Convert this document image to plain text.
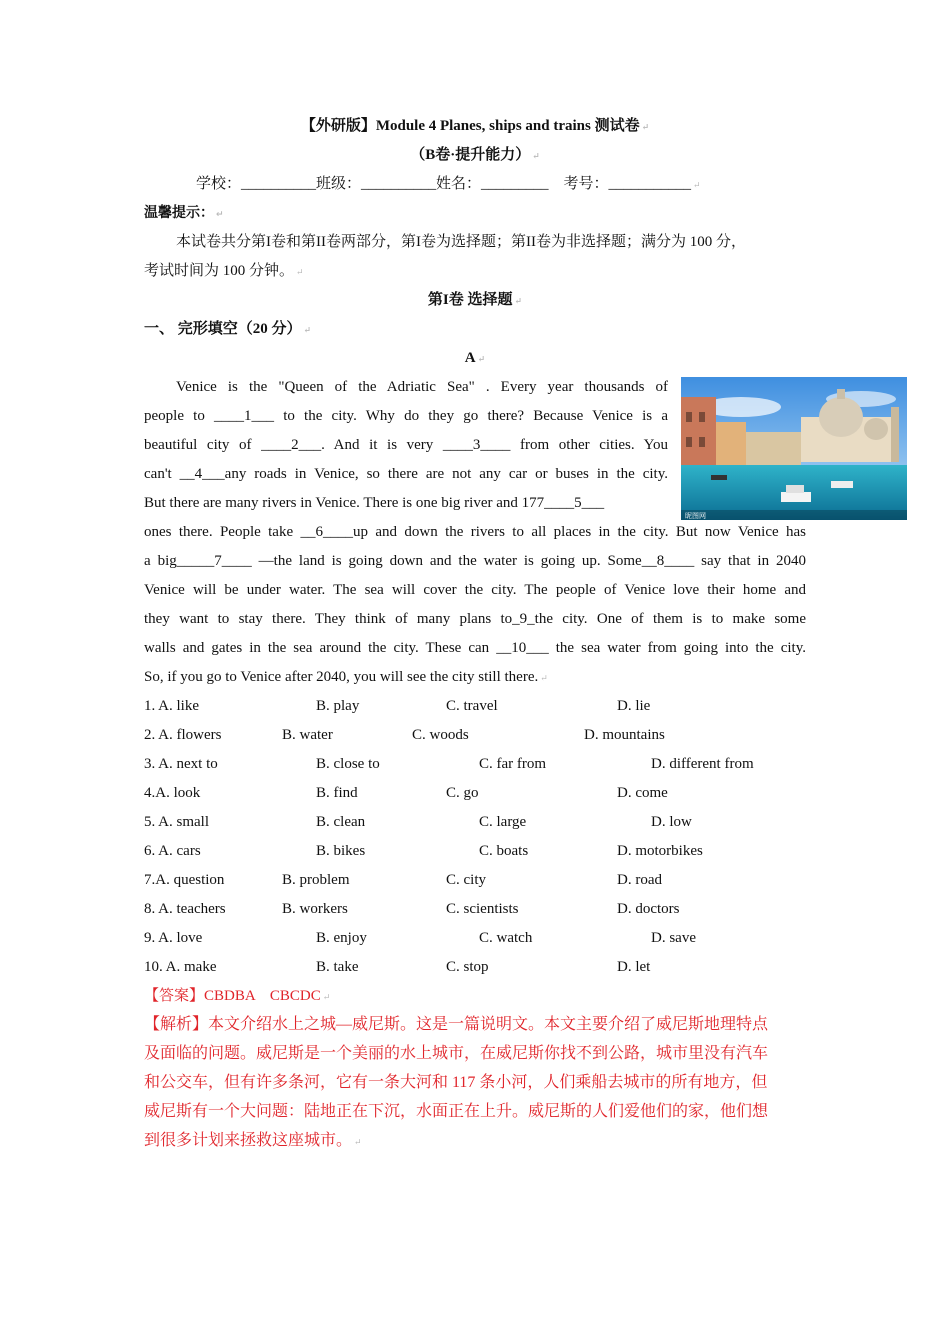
【外研版】Module 4 Planes, ships and trains 测试卷 ↵
（B卷·提升能力） ↵
学校：__________班级：__________姓名：_________　考号：___________ ↵
温馨提示： ↵
本试卷共分第I卷和第II卷两部分，第I卷为选择题；第II卷为非选择题；满分为 100 分，
考试时间为 100 分钟。 ↵
第I卷 选择题 ↵
一、 完形填空（20 分） ↵
A ↵
昵图网
Venice is the "Queen of the Adriatic Sea" . Every year thousands of
people to ____1___ to the city. Why do they go there? Because Venice is a
beautiful city of ____2___. And it is very ____3____ from other cities. You
can't __4___any roads in Venice, so there are not any car or buses in the city.
But there are many rivers in Venice. There is one big river and 177____5___
ones there. People take __6____up and down the rivers to all places in the city. But now Venice has
a big_____7____ —the land is going down and the water is going up. Some__8____ say that in 2040
Venice will be under water. The sea will cover the city. The people of Venice love their home and
they want to stay there. They think of many plans to_9_the city. One of them is to make some
walls and gates in the sea around the city. These can __10___ the sea water from going into the city.
So, if you go to Venice after 2040, you will see the city still there. ↵
1. A. like	B. play	C. travel	D. lie
2. A. flowers	B. water	C. woods	D. mountains
3. A. next to	B. close to	C. far from	D. different from
4.A. look	B. find	C. go	D. come
5. A. small	B. clean	C. large	D. low
6. A. cars	B. bikes	C. boats	D. motorbikes
7.A. question	B. problem	C. city	D. road
8. A. teachers	B. workers	C. scientists	D. doctors
9. A. love	B. enjoy	C. watch	D. save
10. A. make	B. take	C. stop	D. let
【答案】CBDBA　CBCDC ↵
【解析】本文介绍水上之城—威尼斯。这是一篇说明文。本文主要介绍了威尼斯地理特点
及面临的问题。威尼斯是一个美丽的水上城市，在威尼斯你找不到公路，城市里没有汽车
和公交车，但有许多条河，它有一条大河和 117 条小河，人们乘船去城市的所有地方，但
威尼斯有一个大问题：陆地正在下沉，水面正在上升。威尼斯的人们爱他们的家，他们想
到很多计划来拯救这座城市。 ↵
